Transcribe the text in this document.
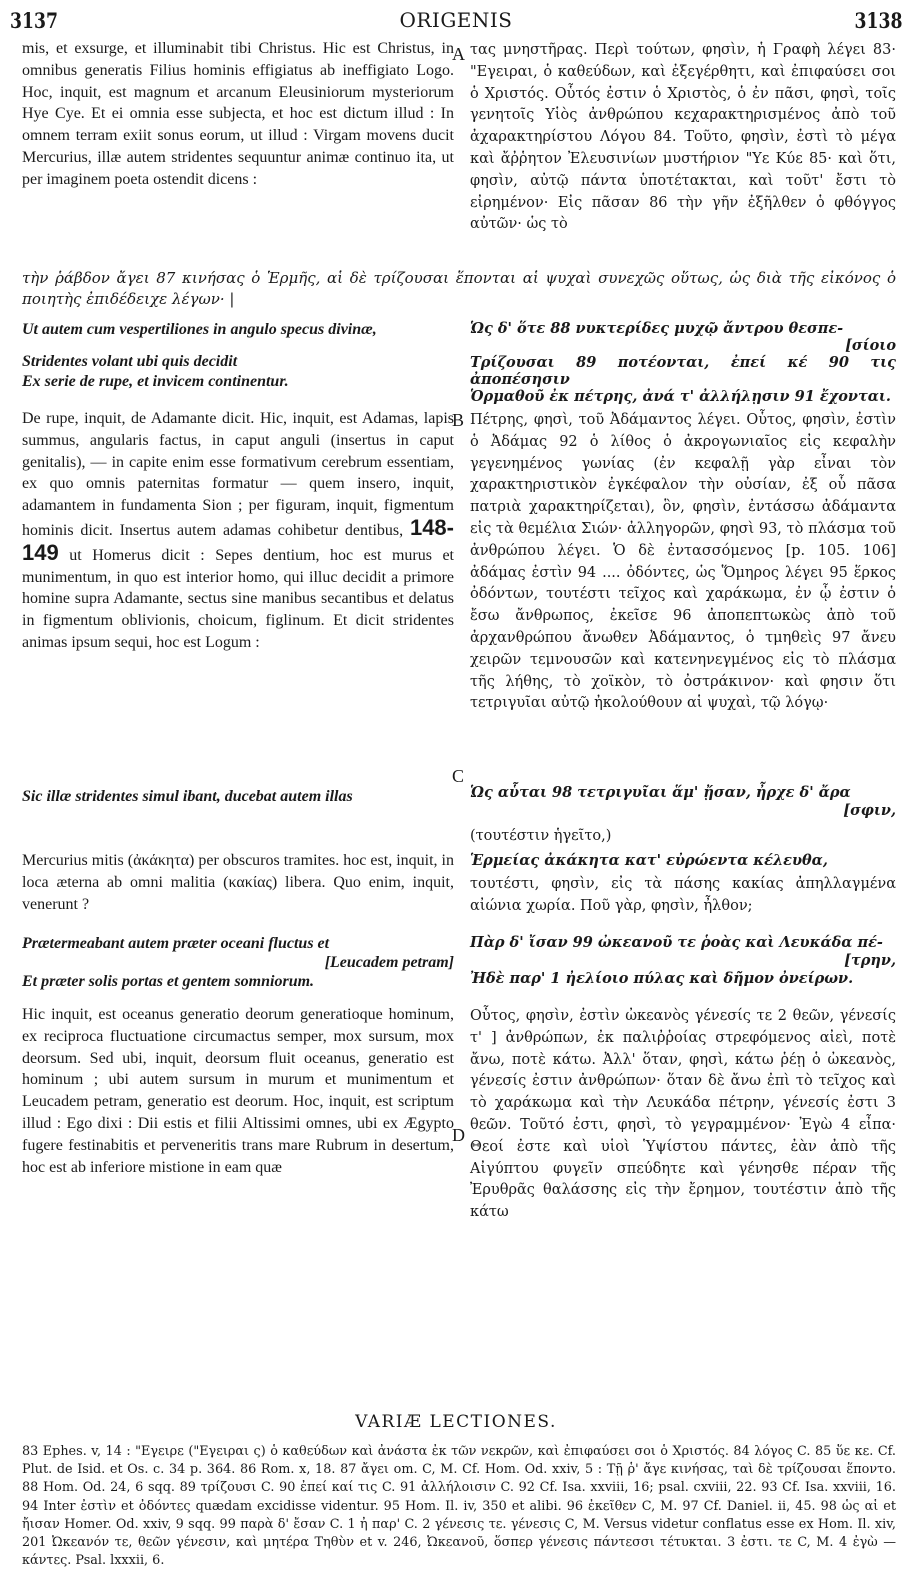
3137	ORIGENIS	3138
A
B
C
D
mis, et exsurge, et illuminabit tibi Christus. Hic est Christus, in omnibus generatis Filius hominis effigiatus ab ineffigiato Logo. Hoc, inquit, est magnum et arcanum Eleusiniorum mysteriorum Hye Cye. Et ei omnia esse subjecta, et hoc est dictum illud : In omnem terram exiit sonus eorum, ut illud : Virgam movens ducit Mercurius, illæ autem stridentes sequuntur animæ continuo ita, ut per imaginem poeta ostendit dicens :
τας μνηστῆρας. Περὶ τούτων, φησὶν, ἡ Γραφὴ λέγει 83· "Εγειραι, ὁ καθεύδων, καὶ ἐξεγέρθητι, καὶ ἐπιφαύσει σοι ὁ Χριστός. Οὗτός ἐστιν ὁ Χριστὸς, ὁ ἐν πᾶσι, φησὶ, τοῖς γενητοῖς Υἱὸς ἀνθρώπου κεχαρακτηρισμένος ἀπὸ τοῦ ἀχαρακτηρίστου Λόγου 84. Τοῦτο, φησὶν, ἐστὶ τὸ μέγα καὶ ἄῤῥητον Ἐλευσινίων μυστήριον "Υε Κύε 85· καὶ ὅτι, φησὶν, αὐτῷ πάντα ὑποτέτακται, καὶ τοῦτ' ἔστι τὸ εἰρημένον· Εἰς πᾶσαν 86 τὴν γῆν ἐξῆλθεν ὁ φθόγγος αὐτῶν· ὡς τὸ
τὴν ῥάβδον ἄγει 87 κινήσας ὁ Ἑρμῆς, αἱ δὲ τρίζουσαι ἕπονται αἱ ψυχαὶ συνεχῶς οὕτως, ὡς διὰ τῆς εἰκόνος ὁ ποιητὴς ἐπιδέδειχε λέγων· |
Ut autem cum vespertiliones in angulo specus divinæ,
Stridentes volant ubi quis decidit
Ex serie de rupe, et invicem continentur.
Ὡς δ' ὅτε 88 νυκτερίδες μυχῷ ἄντρου θεσπε-
[σίοιο
Τρίζουσαι 89 ποτέονται, ἐπεί κέ 90 τις ἀποπέσησιν
Ὁρμαθοῦ ἐκ πέτρης, ἀνά τ' ἀλλήλῃσιν 91 ἔχονται.
De rupe, inquit, de Adamante dicit. Hic, inquit, est Adamas, lapis summus, angularis factus, in caput anguli (insertus in caput genitalis), — in capite enim esse formativum cerebrum essentiam, ex quo omnis paternitas formatur — quem insero, inquit, adamantem in fundamenta Sion ; per figuram, inquit, figmentum hominis dicit. Insertus autem adamas cohibetur dentibus, 148-149 ut Homerus dicit : Sepes dentium, hoc est murus et munimentum, in quo est interior homo, qui illuc decidit a primore homine supra Adamante, sectus sine manibus secantibus et delatus in figmentum oblivionis, choicum, figlinum. Et dicit stridentes animas ipsum sequi, hoc est Logum :
Πέτρης, φησὶ, τοῦ Ἀδάμαντος λέγει. Οὗτος, φησὶν, ἐστὶν ὁ Ἀδάμας 92 ὁ λίθος ὁ ἀκρογωνιαῖος εἰς κεφαλὴν γεγενημένος γωνίας (ἐν κεφαλῇ γὰρ εἶναι τὸν χαρακτηριστικὸν ἐγκέφαλον τὴν οὐσίαν, ἐξ οὗ πᾶσα πατριὰ χαρακτηρίζεται), ὃν, φησὶν, ἐντάσσω ἀδάμαντα εἰς τὰ θεμέλια Σιών· ἀλληγορῶν, φησὶ 93, τὸ πλάσμα τοῦ ἀνθρώπου λέγει. Ὁ δὲ ἐντασσόμενος [p. 105. 106] ἀδάμας ἐστὶν 94 .... ὀδόντες, ὡς Ὅμηρος λέγει 95 ἕρκος ὀδόντων, τουτέστι τεῖχος καὶ χαράκωμα, ἐν ᾧ ἐστιν ὁ ἔσω ἄνθρωπος, ἐκεῖσε 96 ἀποπεπτωκὼς ἀπὸ τοῦ ἀρχανθρώπου ἄνωθεν Ἀδάμαντος, ὁ τμηθεὶς 97 ἄνευ χειρῶν τεμνουσῶν καὶ κατενηνεγμένος εἰς τὸ πλάσμα τῆς λήθης, τὸ χοϊκὸν, τὸ ὀστράκινον· καὶ φησιν ὅτι τετριγυῖαι αὐτῷ ἠκολούθουν αἱ ψυχαὶ, τῷ λόγῳ·
Sic illæ stridentes simul ibant, ducebat autem illas	Ὡς αὗται 98 τετριγυῖαι ἅμ' ᾔσαν, ἦρχε δ' ἄρα
[σφιν,
(τουτέστιν ἡγεῖτο,)
Mercurius mitis (ἀκάκητα) per obscuros tramites. hoc est, inquit, in loca æterna ab omni malitia (κακίας) libera. Quo enim, inquit, venerunt ?
Ἑρμείας ἀκάκητα κατ' εὐρώεντα κέλευθα,
τουτέστι, φησὶν, εἰς τὰ πάσης κακίας ἀπηλλαγμένα αἰώνια χωρία. Ποῦ γὰρ, φησὶν, ἦλθον;
Prætermeabant autem præter oceani fluctus et
[Leucadem petram]
Et præter solis portas et gentem somniorum.
Πὰρ δ' ἴσαν 99 ὠκεανοῦ τε ῥοὰς καὶ Λευκάδα πέ-
[τρην,
Ἠδὲ παρ' 1 ἠελίοιο πύλας καὶ δῆμον ὀνείρων.
Hic inquit, est oceanus generatio deorum generatioque hominum, ex reciproca fluctuatione circumactus semper, mox sursum, mox deorsum. Sed ubi, inquit, deorsum fluit oceanus, generatio est hominum ; ubi autem sursum in murum et munimentum et Leucadem petram, generatio est deorum. Hoc, inquit, est scriptum illud : Ego dixi : Dii estis et filii Altissimi omnes, ubi ex Ægypto fugere festinabitis et perveneritis trans mare Rubrum in desertum, hoc est ab inferiore mistione in eam quæ
Οὗτος, φησὶν, ἐστὶν ὠκεανὸς γένεσίς τε 2 θεῶν, γένεσίς τ' ] ἀνθρώπων, ἐκ παλιῤῥοίας στρεφόμενος αἰεὶ, ποτὲ ἄνω, ποτὲ κάτω. Ἀλλ' ὅταν, φησὶ, κάτω ῥέῃ ὁ ὠκεανὸς, γένεσίς ἐστιν ἀνθρώπων· ὅταν δὲ ἄνω ἐπὶ τὸ τεῖχος καὶ τὸ χαράκωμα καὶ τὴν Λευκάδα πέτρην, γένεσίς ἐστι 3 θεῶν. Τοῦτό ἐστι, φησὶ, τὸ γεγραμμένον· Ἐγὼ 4 εἶπα· Θεοί ἐστε καὶ υἱοὶ Ὑψίστου πάντες, ἐὰν ἀπὸ τῆς Αἰγύπτου φυγεῖν σπεύδητε καὶ γένησθε πέραν τῆς Ἐρυθρᾶς θαλάσσης εἰς τὴν ἔρημον, τουτέστιν ἀπὸ τῆς κάτω
VARIÆ LECTIONES.
83 Ephes. v, 14 : "Εγειρε ("Εγειραι ς) ὁ καθεύδων καὶ ἀνάστα ἐκ τῶν νεκρῶν, καὶ ἐπιφαύσει σοι ὁ Χριστός. 84 λόγος C. 85 ὕε κε. Cf. Plut. de Isid. et Os. c. 34 p. 364. 86 Rom. x, 18. 87 ἄγει om. C, M. Cf. Hom. Od. xxiv, 5 : Τῇ ῥ' ἄγε κινήσας, ταὶ δὲ τρίζουσαι ἕποντο. 88 Hom. Od. 24, 6 sqq. 89 τρίζουσι C. 90 ἐπεί καί τις C. 91 ἀλλήλοισιν C. 92 Cf. Isa. xxviii, 16; psal. cxviii, 22. 93 Cf. Isa. xxviii, 16. 94 Inter ἐστὶν et ὀδόντες quædam excidisse videntur. 95 Hom. Il. iv, 350 et alibi. 96 ἐκεῖθεν C, M. 97 Cf. Daniel. ii, 45. 98 ὡς αἱ et ἤισαν Homer. Od. xxiv, 9 sqq. 99 παρὰ δ' ἔσαν C. 1 ἠ παρ' C. 2 γένεσις τε. γένεσις C, M. Versus videtur conflatus esse ex Hom. Il. xiv, 201 Ὠκεανόν τε, θεῶν γένεσιν, καὶ μητέρα Τηθὺν et v. 246, Ὠκεανοῦ, ὅσπερ γένεσις πάντεσσι τέτυκται. 3 ἐστι. τε C, M. 4 ἐγὼ — κάντες. Psal. lxxxii, 6.
